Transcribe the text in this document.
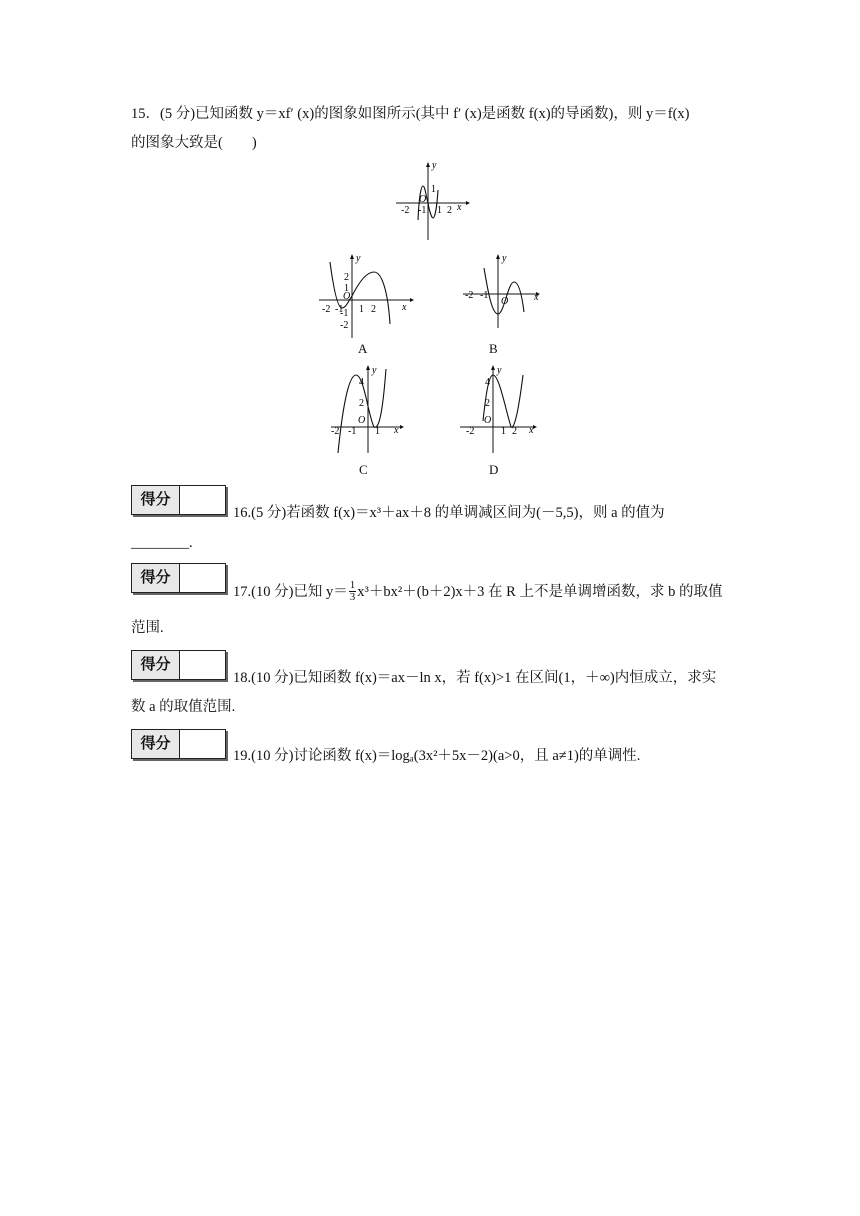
15．(5 分)已知函数 y＝xf′ (x)的图象如图所示(其中 f′ (x)是函数 f(x)的导函数)，则 y＝f(x)
的图象大致是(　　)
y
x
O
1
-2 -1 1 2
y
x
O
2
1
-1
-2
-2 -1 1 2
A
y
x
O
-2 -1
B
y
x
O
4
2
-2 -1 1
C
y
x
O
4
2
-2	1 2
D
得分
16.(5 分)若函数 f(x)＝x³＋ax＋8 的单调减区间为(－5,5)，则 a 的值为
________.
得分
17.(10 分)已知 $y= \frac{1}{3} x^3+bx^2+(b+2)x+3$ 在 R 上不是单调增函数，求 b 的取值
范围.
得分
18.(10 分)已知函数 f(x)＝ax－ln x，若 f(x)>1 在区间(1，＋∞)内恒成立，求实
数 a 的取值范围.
得分
19.(10 分)讨论函数 f(x)＝logₐ(3x²＋5x－2)(a>0，且 a≠1)的单调性.
